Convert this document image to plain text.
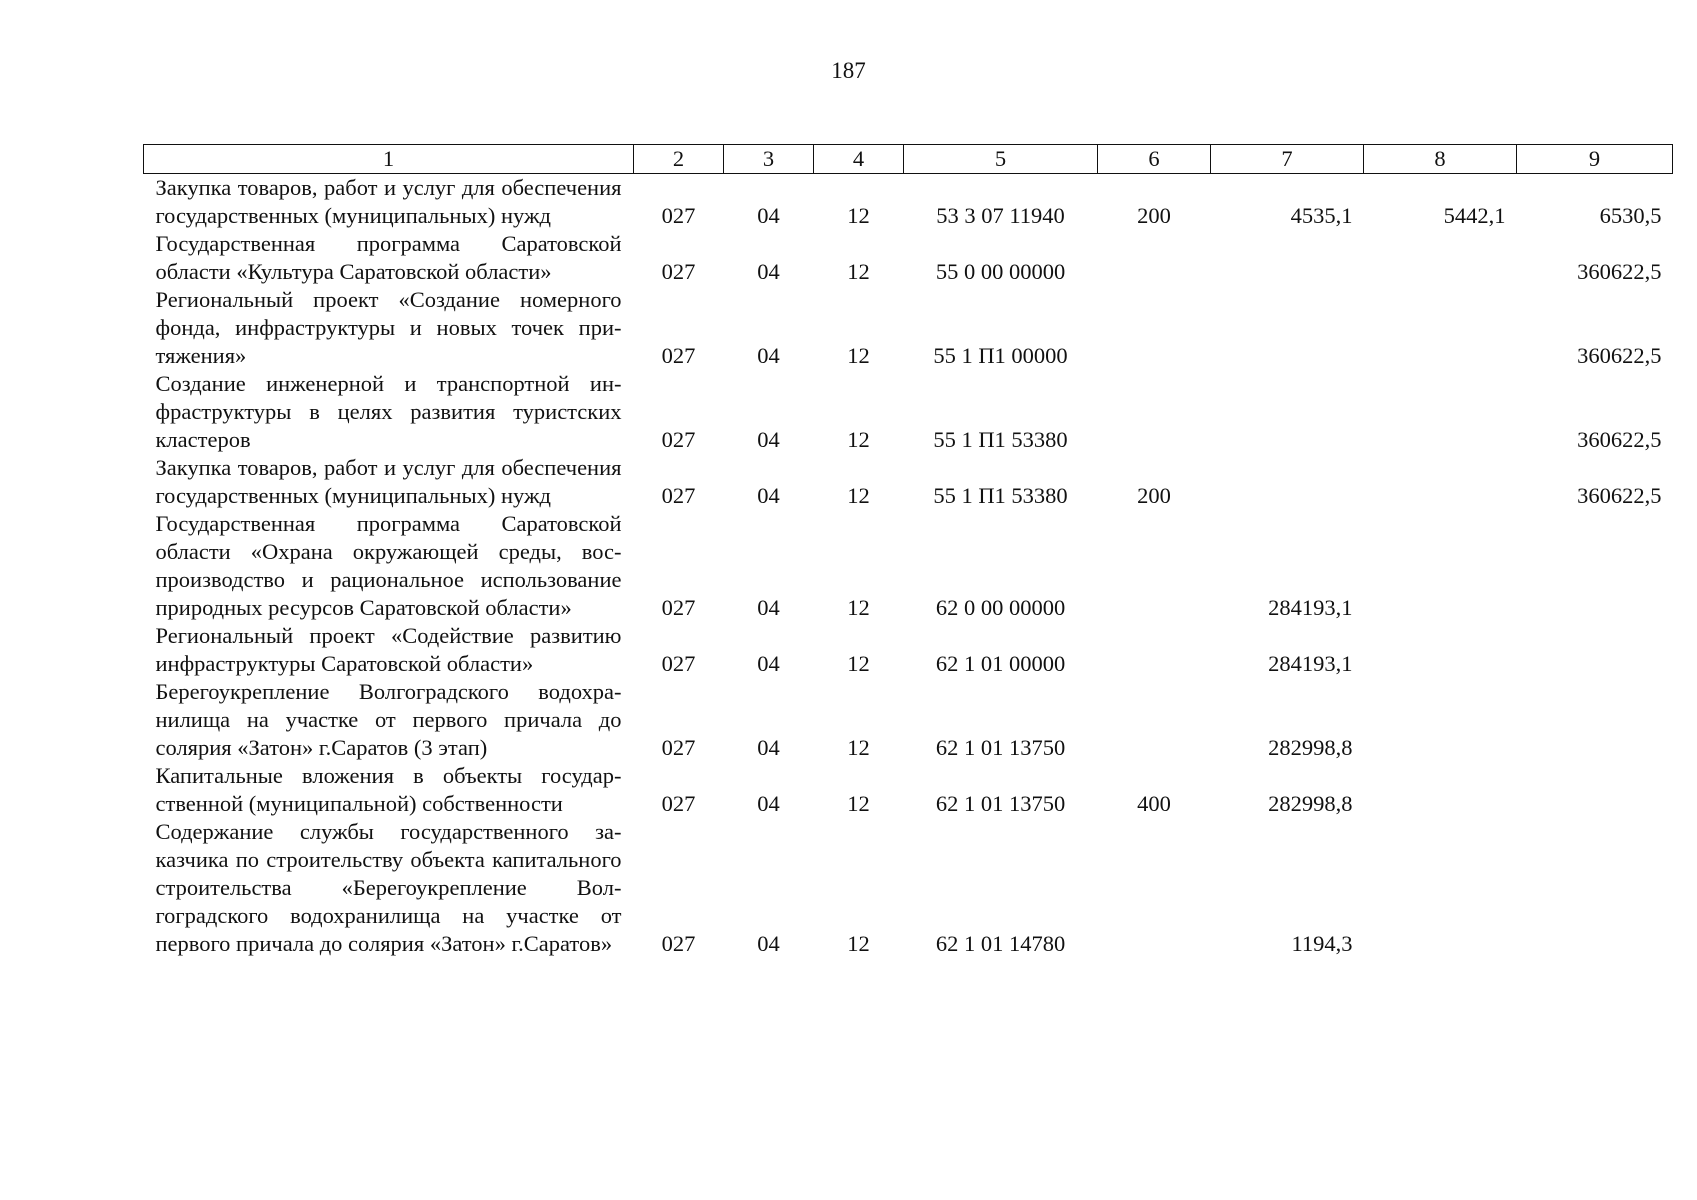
187
1	2	3	4	5	6	7	8	9
Закупка товаров, работ и услуг для обеспечения государственных (муниципальных) нужд	027	04	12	53 3 07 11940	200	4535,1	5442,1	6530,5
Государственная программа Саратовской области «Культура Саратовской области»	027	04	12	55 0 00 00000				360622,5
Региональный проект «Создание номерного фонда, инфраструктуры и новых точек притяжения»	027	04	12	55 1 П1 00000				360622,5
Создание инженерной и транспортной инфраструктуры в целях развития туристских кластеров	027	04	12	55 1 П1 53380				360622,5
Закупка товаров, работ и услуг для обеспечения государственных (муниципальных) нужд	027	04	12	55 1 П1 53380	200			360622,5
Государственная программа Саратовской области «Охрана окружающей среды, воспроизводство и рациональное использование природных ресурсов Саратовской области»	027	04	12	62 0 00 00000		284193,1		
Региональный проект «Содействие развитию инфраструктуры Саратовской области»	027	04	12	62 1 01 00000		284193,1		
Берегоукрепление Волгоградского водохранилища на участке от первого причала до солярия «Затон» г.Саратов (3 этап)	027	04	12	62 1 01 13750		282998,8		
Капитальные вложения в объекты государственной (муниципальной) собственности	027	04	12	62 1 01 13750	400	282998,8		
Содержание службы государственного заказчика по строительству объекта капитального строительства «Берегоукрепление Волгоградского водохранилища на участке от первого причала до солярия «Затон» г.Саратов»	027	04	12	62 1 01 14780		1194,3		
